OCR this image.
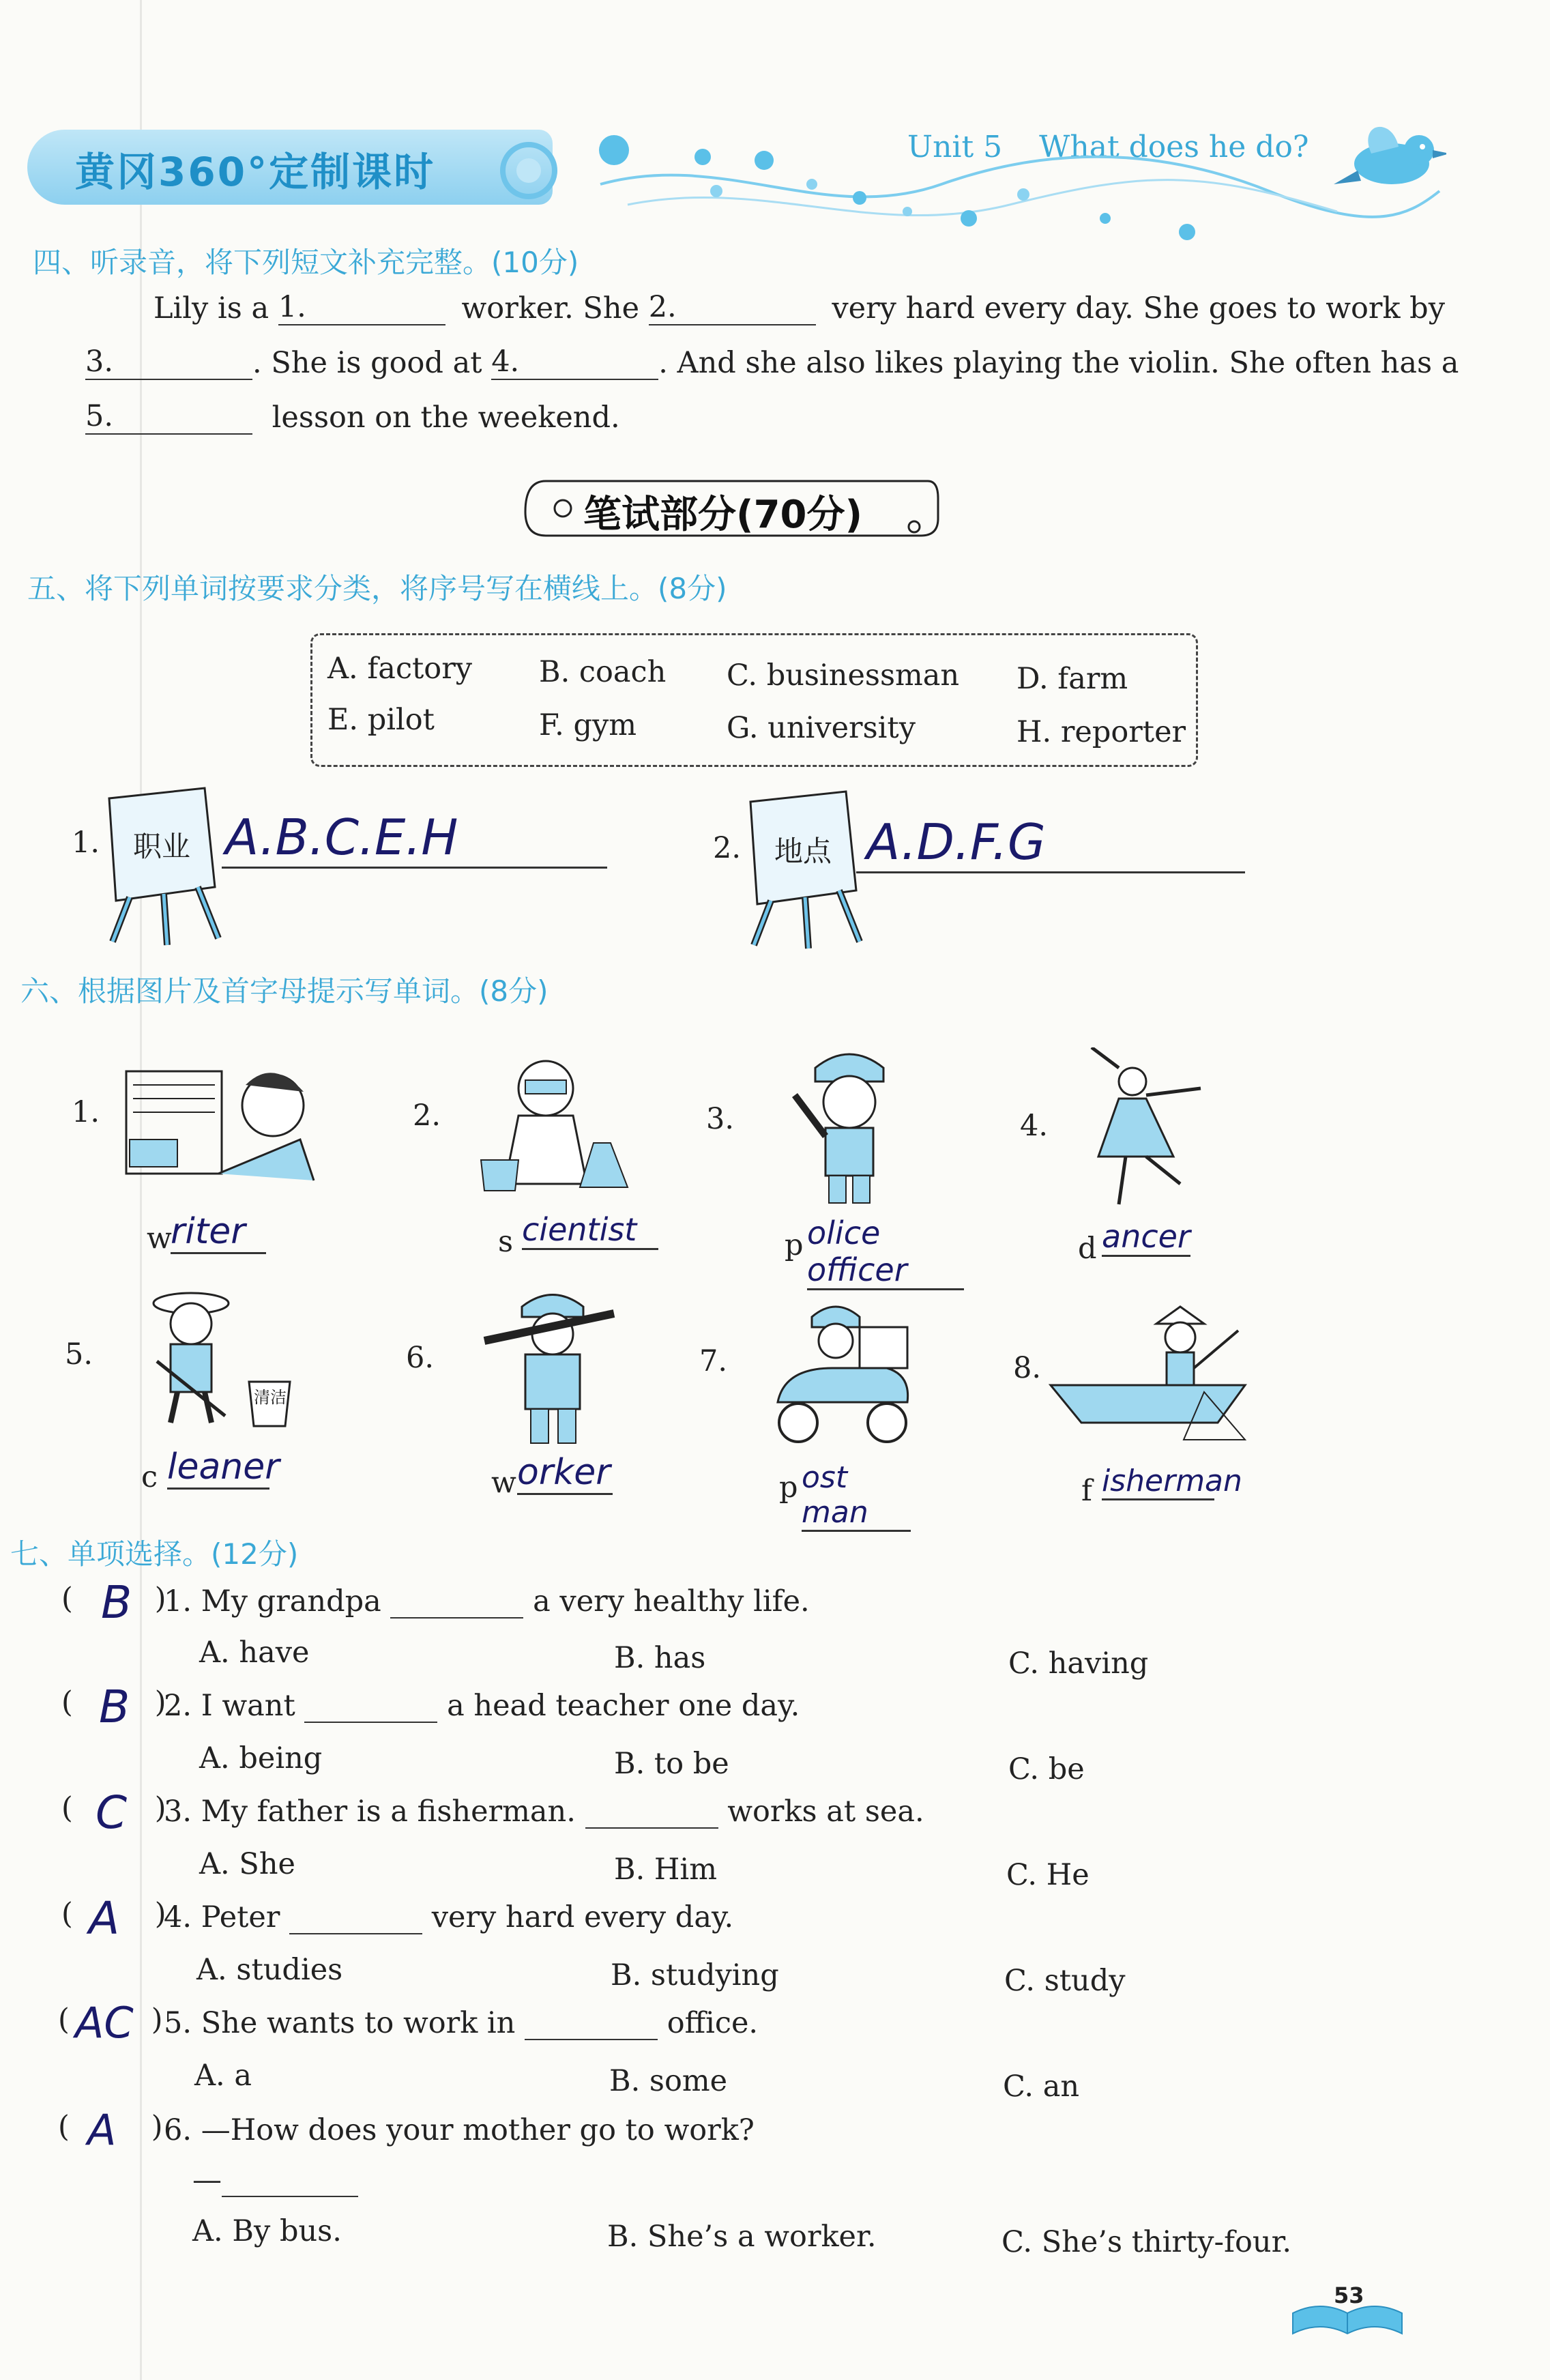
黄冈360°定制课时
Unit 5 What does he do?
四、听录音，将下列短文补充完整。(10分)
Lily is a 1.	worker. She 2.	very hard every day. She goes to work by
3.	. She is good at 4.	. And she also likes playing the violin. She often has a
5.	lesson on the weekend.
笔试部分(70分)
五、将下列单词按要求分类，将序号写在横线上。(8分)
A. factory B. coach C. businessman D. farm
E. pilot	F. gym	G. university	H. reporter
1. 职业 A.B.C.E.H	2. 地点 A.D.F.G
六、根据图片及首字母提示写单词。(8分)
1.
w
riter
2.
s cientist
3.
p olice officer
4.
d ancer
5.
清洁
c leaner
6.
w orker
7.
p ost man
8.
f isherman
七、单项选择。(12分)
(	)
B 1. My grandpa	a very healthy life.
A. have	B. has	C. having
(	)
B 2. I want	a head teacher one day.
A. being	B. to be	C. be
(	)
C 3. My father is a fisherman.	works at sea.
A. She	B. Him	C. He
(	)
A 4. Peter	very hard every day.
A. studies	B. studying	C. study
(	)
AC 5. She wants to work in	office.
A. a	B. some	C. an
(	)
A 6. —How does your mother go to work?
—
A. By bus.	B. She’s a worker.	C. She’s thirty-four.
53
